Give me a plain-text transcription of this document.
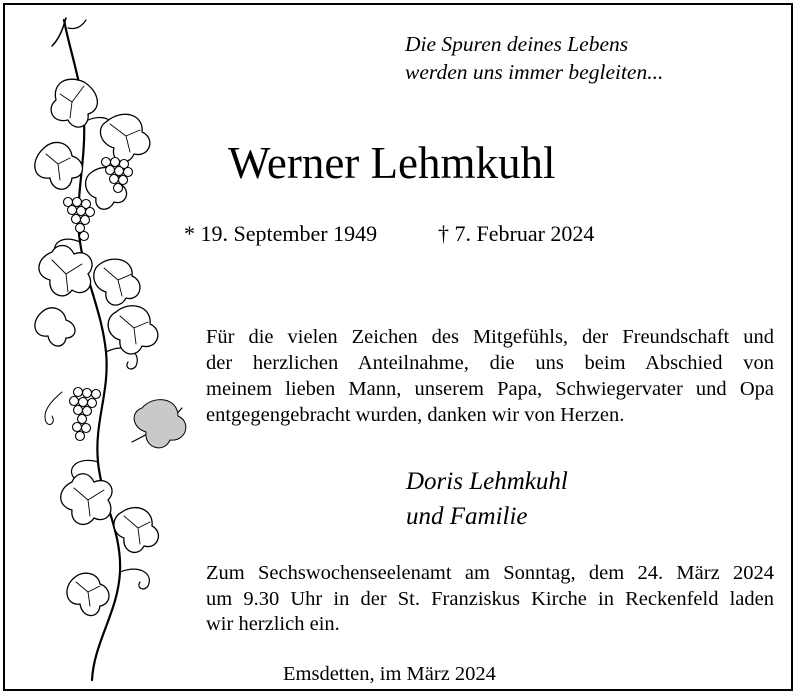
Die Spuren deines Lebens
werden uns immer begleiten...
Werner Lehmkuhl
* 19. September 1949	† 7. Februar 2024
Für die vielen Zeichen des Mitgefühls, der Freundschaft und
der herzlichen Anteilnahme, die uns beim Abschied von
meinem lieben Mann, unserem Papa, Schwiegervater und Opa
entgegengebracht wurden, danken wir von Herzen.
Doris Lehmkuhl
und Familie
Zum Sechswochenseelenamt am Sonntag, dem 24. März 2024
um 9.30 Uhr in der St. Franziskus Kirche in Reckenfeld laden
wir herzlich ein.
Emsdetten, im März 2024
